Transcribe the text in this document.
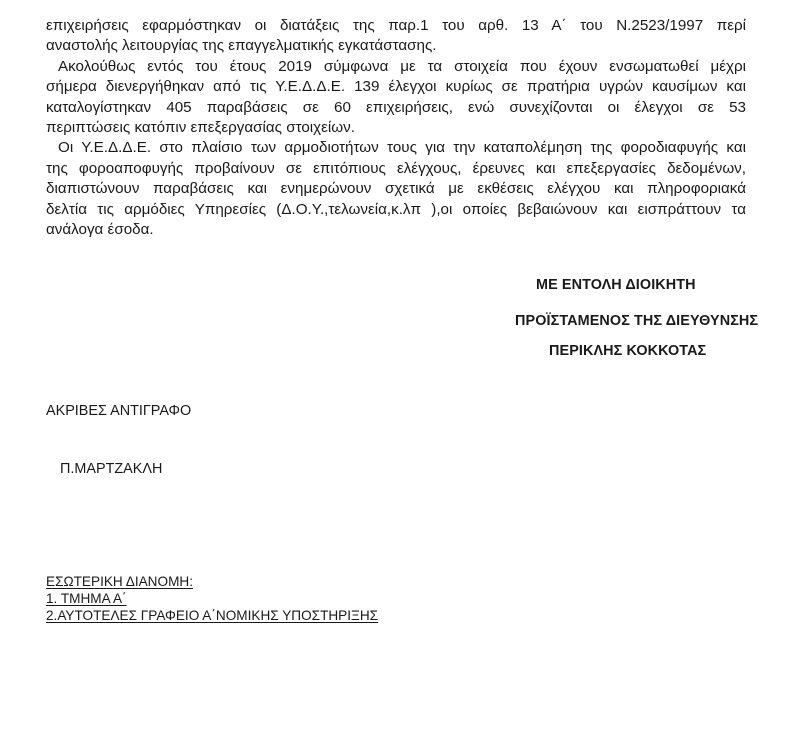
επιχειρήσεις εφαρμόστηκαν οι διατάξεις της παρ.1 του αρθ. 13 Α΄ του Ν.2523/1997 περί
αναστολής λειτουργίας της επαγγελματικής εγκατάστασης.
Ακολούθως εντός του έτους 2019 σύμφωνα με τα στοιχεία που έχουν ενσωματωθεί μέχρι
σήμερα διενεργήθηκαν από τις Υ.Ε.Δ.Δ.Ε. 139 έλεγχοι κυρίως σε πρατήρια υγρών καυσίμων και
καταλογίστηκαν 405 παραβάσεις σε 60 επιχειρήσεις, ενώ συνεχίζονται οι έλεγχοι σε 53
περιπτώσεις κατόπιν επεξεργασίας στοιχείων.
Οι Υ.Ε.Δ.Δ.Ε. στο πλαίσιο των αρμοδιοτήτων τους για την καταπολέμηση της φοροδιαφυγής και
της φοροαποφυγής προβαίνουν σε επιτόπιους ελέγχους, έρευνες και επεξεργασίες δεδομένων,
διαπιστώνουν παραβάσεις και ενημερώνουν σχετικά με εκθέσεις ελέγχου και πληροφοριακά
δελτία τις αρμόδιες Υπηρεσίες (Δ.Ο.Υ.,τελωνεία,κ.λπ ),οι οποίες βεβαιώνουν και εισπράττουν τα
ανάλογα έσοδα.
ΜΕ ΕΝΤΟΛΗ ΔΙΟΙΚΗΤΗ
ΠΡΟΪΣΤΑΜΕΝΟΣ ΤΗΣ ΔΙΕΥΘΥΝΣΗΣ
ΠΕΡΙΚΛΗΣ ΚΟΚΚΟΤΑΣ
ΑΚΡΙΒΕΣ ΑΝΤΙΓΡΑΦΟ
Π.ΜΑΡΤΖΑΚΛΗ
ΕΣΩΤΕΡΙΚΗ ΔΙΑΝΟΜΗ:
1. ΤΜΗΜΑ Α΄
2.ΑΥΤΟΤΕΛΕΣ ΓΡΑΦΕΙΟ Α΄ΝΟΜΙΚΗΣ ΥΠΟΣΤΗΡΙΞΗΣ
